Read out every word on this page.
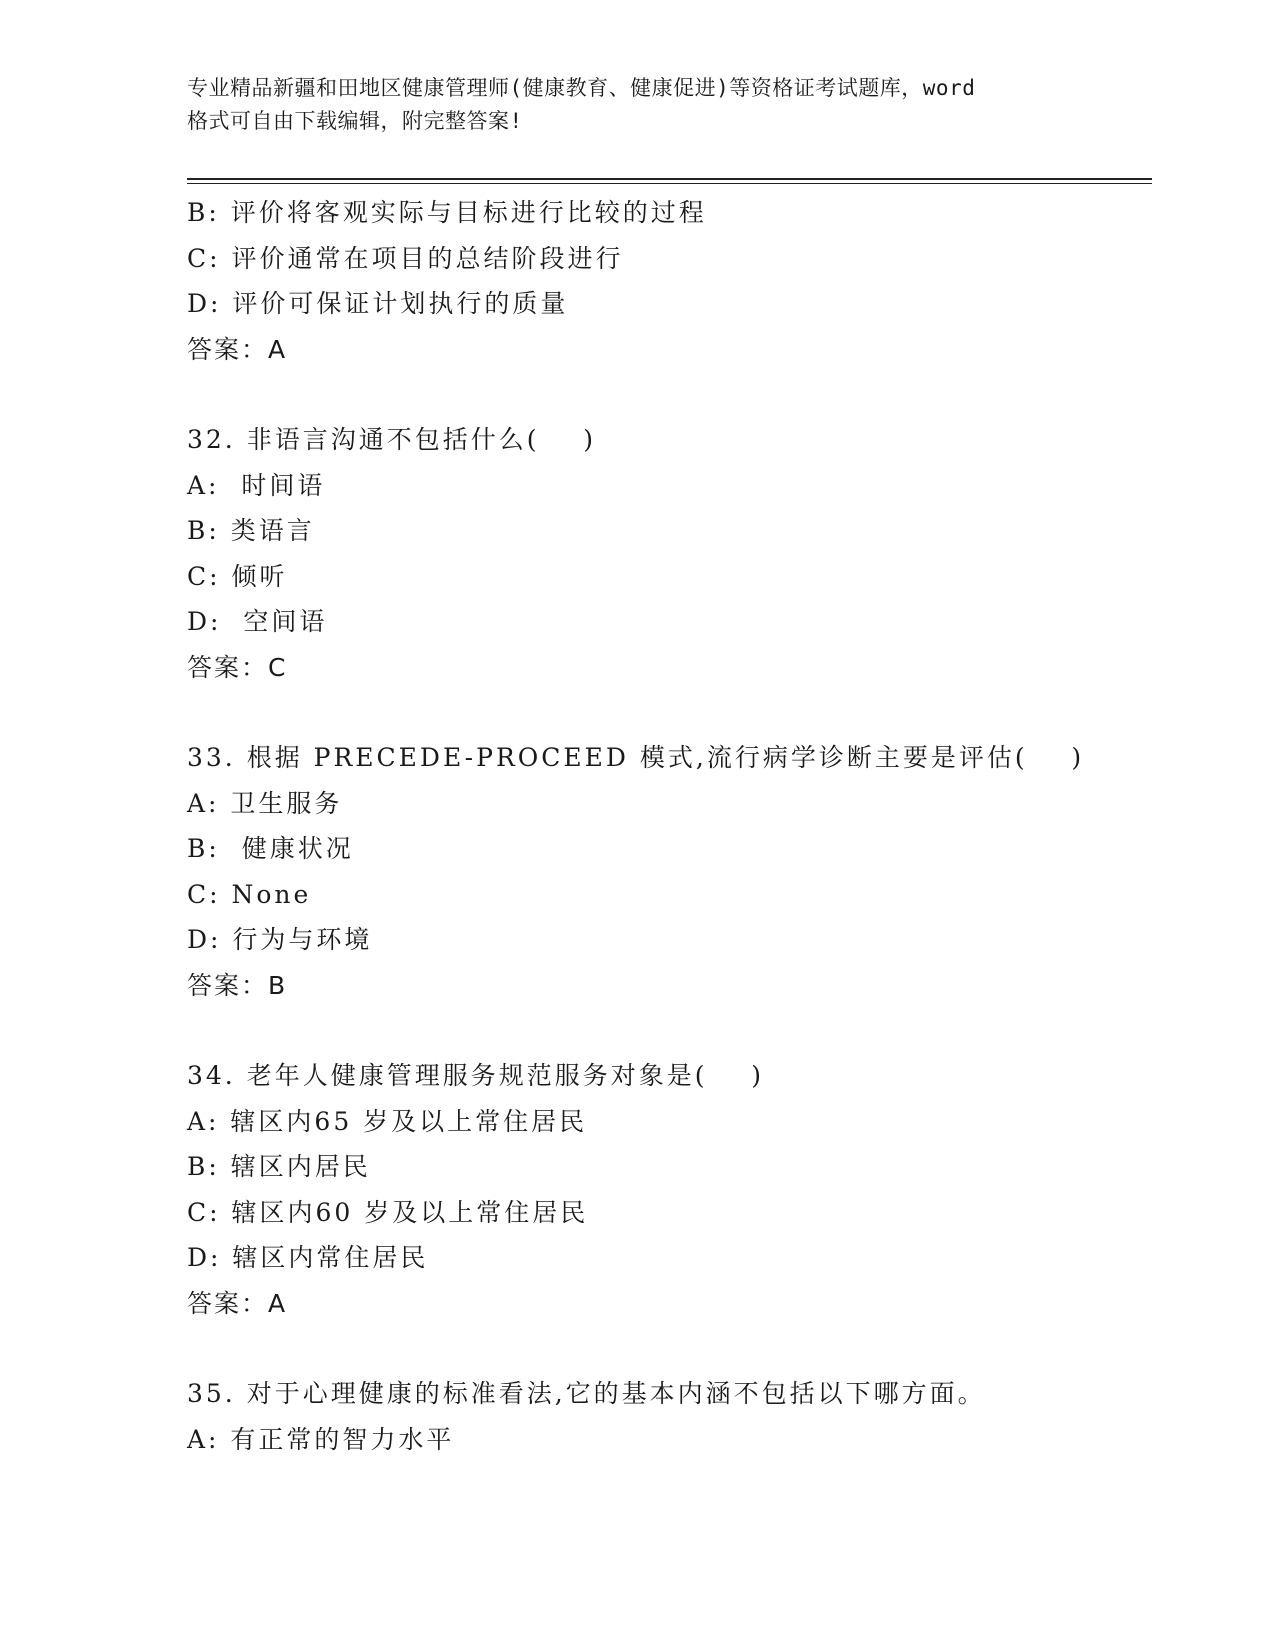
专业精品新疆和田地区健康管理师(健康教育、健康促进)等资格证考试题库，word
格式可自由下载编辑，附完整答案!
B: 评价将客观实际与目标进行比较的过程
C: 评价通常在项目的总结阶段进行
D: 评价可保证计划执行的质量
答案：A
32. 非语言沟通不包括什么(    )
A:  时间语
B: 类语言
C: 倾听
D:  空间语
答案：C
33. 根据 PRECEDE-PROCEED 模式,流行病学诊断主要是评估(    )
A: 卫生服务
B:  健康状况
C: None
D: 行为与环境
答案：B
34. 老年人健康管理服务规范服务对象是(    )
A: 辖区内65 岁及以上常住居民
B: 辖区内居民
C: 辖区内60 岁及以上常住居民
D: 辖区内常住居民
答案：A
35. 对于心理健康的标准看法,它的基本内涵不包括以下哪方面。
A: 有正常的智力水平
